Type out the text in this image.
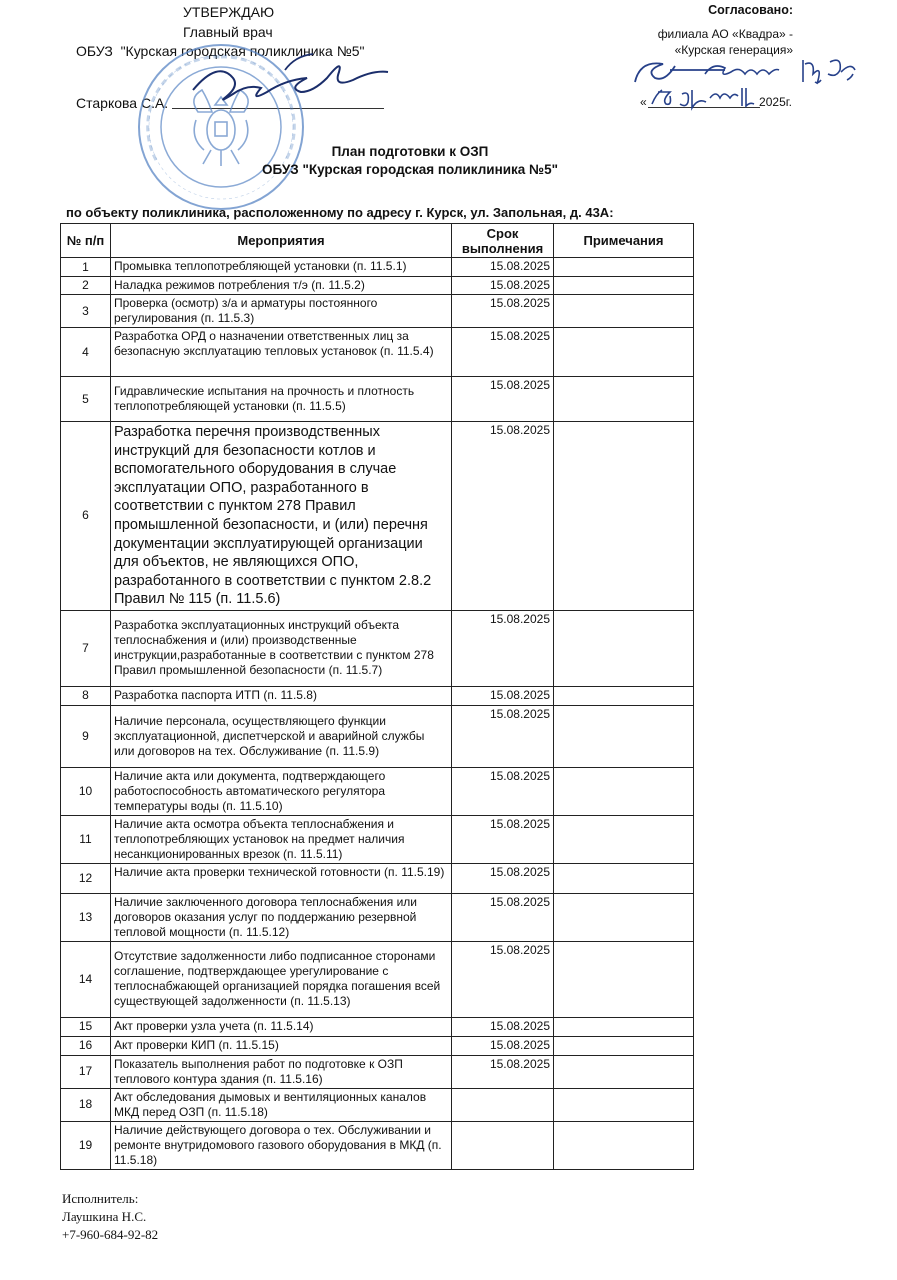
УТВЕРЖДАЮ
Главный врач
ОБУЗ  "Курская городская поликлиника №5"
Старкова С.А.
Согласовано:
филиала АО «Квадра» -
«Курская генерация»
«	2025г.
План подготовки к ОЗП
ОБУЗ "Курская городская поликлиника №5"
по объекту поликлиника, расположенному по адресу г. Курск, ул. Запольная, д. 43А:
№ п/п	Мероприятия	Срок выполнения	Примечания
1	Промывка теплопотребляющей установки (п. 11.5.1)	15.08.2025	
2	Наладка режимов потребления т/э (п. 11.5.2)	15.08.2025	
3	Проверка (осмотр) з/а и арматуры постоянного регулирования (п. 11.5.3)	15.08.2025	
4	Разработка ОРД о назначении ответственных лиц за безопасную эксплуатацию тепловых установок (п. 11.5.4)	15.08.2025	
5	Гидравлические испытания на прочность и плотность теплопотребляющей установки (п. 11.5.5)	15.08.2025	
6	Разработка перечня производственных инструкций для безопасности котлов и вспомогательного оборудования в случае эксплуатации ОПО, разработанного в соответствии с пунктом 278 Правил промышленной безопасности, и (или) перечня документации эксплуатирующей организации для объектов, не являющихся ОПО, разработанного в соответствии с пунктом 2.8.2 Правил № 115 (п. 11.5.6)	15.08.2025	
7	Разработка эксплуатационных инструкций объекта теплоснабжения и (или) производственные инструкции,разработанные в соответствии с пунктом 278 Правил промышленной безопасности (п. 11.5.7)	15.08.2025	
8	Разработка паспорта ИТП (п. 11.5.8)	15.08.2025	
9	Наличие персонала, осуществляющего функции эксплуатационной, диспетчерской и аварийной службы или договоров на тех. Обслуживание (п. 11.5.9)	15.08.2025	
10	Наличие акта или документа, подтверждающего работоспособность автоматического регулятора температуры воды (п. 11.5.10)	15.08.2025	
11	Наличие акта осмотра объекта теплоснабжения и теплопотребляющих установок на предмет наличия несанкционированных врезок (п. 11.5.11)	15.08.2025	
12	Наличие акта проверки технической готовности (п. 11.5.19)	15.08.2025	
13	Наличие заключенного договора теплоснабжения или договоров оказания услуг по поддержанию резервной тепловой мощности (п. 11.5.12)	15.08.2025	
14	Отсутствие задолженности либо подписанное сторонами соглашение, подтверждающее урегулирование с теплоснабжающей организацией порядка погашения всей существующей задолженности (п. 11.5.13)	15.08.2025	
15	Акт проверки узла учета (п. 11.5.14)	15.08.2025	
16	Акт проверки КИП (п. 11.5.15)	15.08.2025	
17	Показатель выполнения работ по подготовке к ОЗП теплового контура здания (п. 11.5.16)	15.08.2025	
18	Акт обследования дымовых и вентиляционных каналов МКД перед ОЗП (п. 11.5.18)		
19	Наличие действующего договора о тех. Обслуживании и ремонте внутридомового газового оборудования в МКД (п. 11.5.18)		
Исполнитель:
Лаушкина Н.С.
+7-960-684-92-82
